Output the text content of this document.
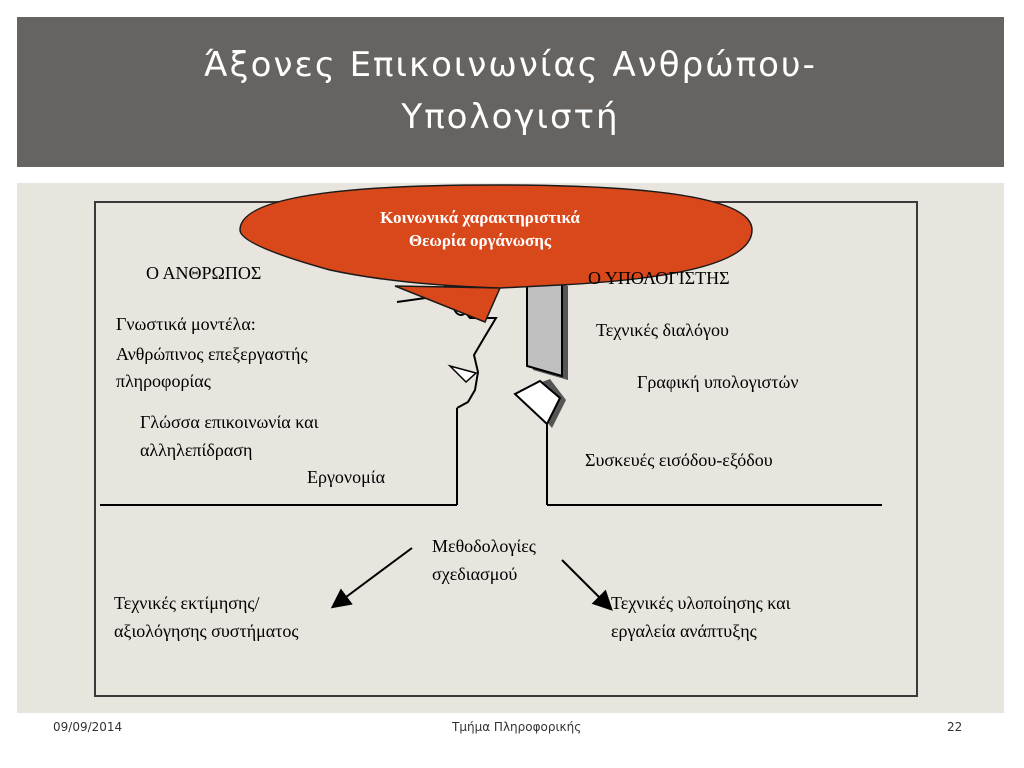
Άξονες Επικοινωνίας Ανθρώπου-
Υπολογιστή
Κοινωνικά χαρακτηριστικά
Θεωρία οργάνωσης
Ο ΑΝΘΡΩΠΟΣ
Γνωστικά μοντέλα:
Ανθρώπινος επεξεργαστής
πληροφορίας
Γλώσσα επικοινωνία και
αλληλεπίδραση
Εργονομία
Ο ΥΠΟΛΟΓΙΣΤΗΣ
Τεχνικές διαλόγου
Γραφική υπολογιστών
Συσκευές εισόδου-εξόδου
Μεθοδολογίες
σχεδιασμού
Τεχνικές εκτίμησης/
αξιολόγησης συστήματος
Τεχνικές υλοποίησης και
εργαλεία ανάπτυξης
09/09/2014	Τμήμα Πληροφορικής	22
